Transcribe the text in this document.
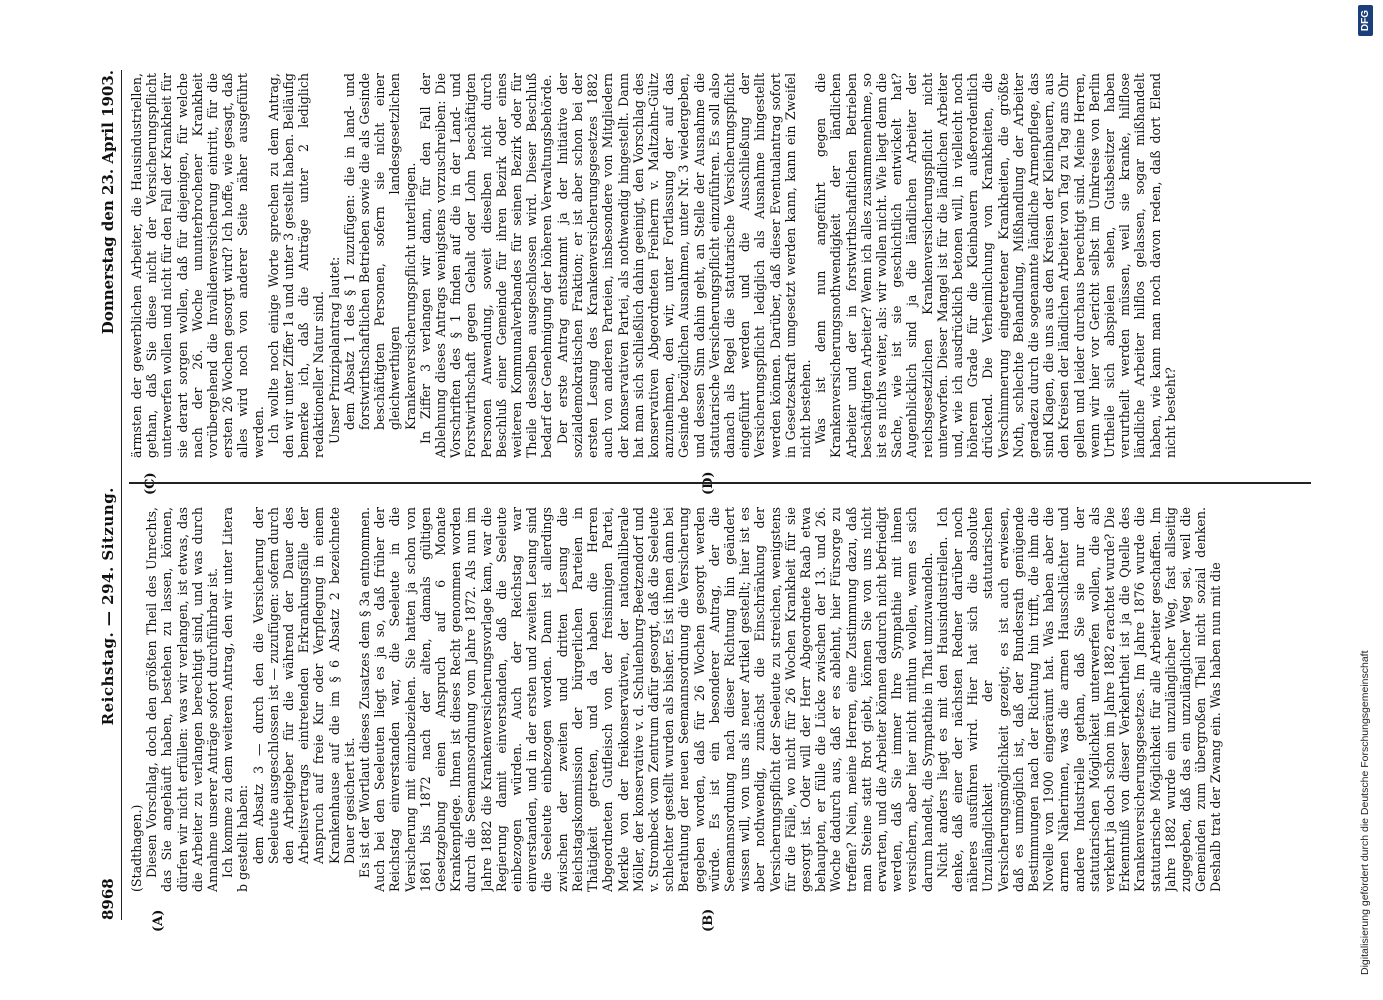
8968
Reichstag. — 294. Sitzung.
Donnerstag den 23. April 1903.
(A)	(B)
(C)	(D)

(Stadthagen.) Diesen Vorschlag, doch den größten Theil des Unrechts, das Sie angehäuft haben, bestehen zu lassen, können, dürfen wir nicht erfüllen: was wir verlangen, ist etwas, das die Arbeiter zu verlangen berechtigt sind, und was durch Annahme unserer Anträge sofort durchführbar ist. Ich komme zu dem weiteren Antrag, den wir unter Litera b gestellt haben: dem Absatz 3 — durch den die Versicherung der Seeleute ausgeschlossen ist — zuzufügen: sofern durch den Arbeitgeber für die während der Dauer des Arbeitsvertrags eintretenden Erkrankungsfälle der Anspruch auf freie Kur oder Verpflegung in einem Krankenhause auf die im § 6 Absatz 2 bezeichnete Dauer gesichert ist. Es ist der Wortlaut dieses Zusatzes dem § 3a entnommen. Auch bei den Seeleuten liegt es ja so, daß früher der Reichstag einverstanden war, die Seeleute in die Versicherung mit einzubeziehen. Sie hatten ja schon von 1861 bis 1872 nach der alten, damals gültigen Gesetzgebung einen Anspruch auf 6 Monate Krankenpflege. Ihnen ist dieses Recht genommen worden durch die Seemannsordnung vom Jahre 1872. Als nun im Jahre 1882 die Krankenversicherungsvorlage kam, war die Regierung damit einverstanden, daß die Seeleute einbezogen würden. Auch der Reichstag war einverstanden, und in der ersten und zweiten Lesung sind die Seeleute einbezogen worden. Dann ist allerdings zwischen der zweiten und dritten Lesung die Reichstagskommission der bürgerlichen Parteien in Thätigkeit getreten, und da haben die Herren Abgeordneten Gutfleisch von der freisinnigen Partei, Merkle von der freikonservativen, der nationalliberale Möller, der konservative v. d. Schulenburg-Beetzendorf und v. Strombeck vom Zentrum dafür gesorgt, daß die Seeleute schlechter gestellt wurden als bisher. Es ist ihnen dann bei Berathung der neuen Seemannsordnung die Versicherung gegeben worden, daß für 26 Wochen gesorgt werden würde. Es ist ein besonderer Antrag, der die Seemannsordnung nach dieser Richtung hin geändert wissen will, von uns als neuer Artikel gestellt; hier ist es aber nothwendig, zunächst die Einschränkung der Versicherungspflicht der Seeleute zu streichen, wenigstens für die Fälle, wo nicht für 26 Wochen Krankheit für sie gesorgt ist. Oder will der Herr Abgeordnete Raab etwa behaupten, er fülle die Lücke zwischen der 13. und 26. Woche dadurch aus, daß er es ablehnt, hier Fürsorge zu treffen? Nein, meine Herren, eine Zustimmung dazu, daß man Steine statt Brot giebt, können Sie von uns nicht erwarten, und die Arbeiter können dadurch nicht befriedigt werden, daß Sie immer Ihre Sympathie mit ihnen versichern, aber hier nicht mithun wollen, wenn es sich darum handelt, die Sympathie in That umzuwandeln. Nicht anders liegt es mit den Hausindustriellen. Ich denke, daß einer der nächsten Redner darüber noch näheres ausführen wird. Hier hat sich die absolute Unzulänglichkeit der statutarischen Versicherungsmöglichkeit gezeigt; es ist auch erwiesen, daß es unmöglich ist, daß der Bundesrath genügende Bestimmungen nach der Richtung hin trifft, die ihm die Novelle von 1900 eingeräumt hat. Was haben aber die armen Näherinnen, was die armen Hausschlächter und andere Industrielle gethan, daß Sie sie nur der statutarischen Möglichkeit unterwerfen wollen, die als verkehrt ja doch schon im Jahre 1882 erachtet wurde? Die Erkenntniß von dieser Verkehrtheit ist ja die Quelle des Krankenversicherungsgesetzes. Im Jahre 1876 wurde die statutarische Möglichkeit für alle Arbeiter geschaffen. Im Jahre 1882 wurde ein unzulänglicher Weg, fast allseitig zugegeben, daß das ein unzulänglicher Weg sei, weil die Gemeinden zum übergroßen Theil nicht sozial denken. Deshalb trat der Zwang ein. Was haben nun mit die

ärmsten der gewerblichen Arbeiter, die Hausindustriellen, gethan, daß Sie diese nicht der Versicherungspflicht unterwerfen wollen und nicht für den Fall der Krankheit für sie derart sorgen wollen, daß für diejenigen, für welche nach der 26. Woche ununterbrochener Krankheit vorübergehend die Invalidenversicherung eintritt, für die ersten 26 Wochen gesorgt wird? Ich hoffe, wie gesagt, daß alles wird noch von anderer Seite näher ausgeführt werden. Ich wollte noch einige Worte sprechen zu dem Antrag, den wir unter Ziffer 1a und unter 3 gestellt haben. Beiläufig bemerke ich, daß die Anträge unter 2 lediglich redaktioneller Natur sind. Unser Prinzipalantrag lautet: dem Absatz 1 des § 1 zuzufügen: die in land- und forstwirthschaftlichen Betrieben sowie die als Gesinde beschäftigten Personen, sofern sie nicht einer gleichwerthigen landesgesetzlichen Krankenversicherungspflicht unterliegen. In Ziffer 3 verlangen wir dann, für den Fall der Ablehnung dieses Antrags wenigstens vorzuschreiben: Die Vorschriften des § 1 finden auf die in der Land- und Forstwirthschaft gegen Gehalt oder Lohn beschäftigten Personen Anwendung, soweit dieselben nicht durch Beschluß einer Gemeinde für ihren Bezirk oder eines weiteren Kommunalverbandes für seinen Bezirk oder für Theile desselben ausgeschlossen wird. Dieser Beschluß bedarf der Genehmigung der höheren Verwaltungsbehörde. Der erste Antrag entstammt ja der Initiative der sozialdemokratischen Fraktion; er ist aber schon bei der ersten Lesung des Krankenversicherungsgesetzes 1882 auch von anderen Parteien, insbesondere von Mitgliedern der konservativen Partei, als nothwendig hingestellt. Dann hat man sich schließlich dahin geeinigt, den Vorschlag des konservativen Abgeordneten Freiherrn v. Maltzahn-Gültz anzunehmen, den wir, unter Fortlassung der auf das Gesinde bezüglichen Ausnahmen, unter Nr. 3 wiedergeben, und dessen Sinn dahin geht, an Stelle der Ausnahme die statutarische Versicherungspflicht einzuführen. Es soll also danach als Regel die statutarische Versicherungspflicht eingeführt werden und die Ausschließung der Versicherungspflicht lediglich als Ausnahme hingestellt werden können. Darüber, daß dieser Eventualantrag sofort in Gesetzeskraft umgesetzt werden kann, kann ein Zweifel nicht bestehen. Was ist denn nun angeführt gegen die Krankenversicherungsnothwendigkeit der ländlichen Arbeiter und der in forstwirthschaftlichen Betrieben beschäftigten Arbeiter? Wenn ich alles zusammennehme, so ist es nichts weiter, als: wir wollen nicht. Wie liegt denn die Sache, wie ist sie geschichtlich entwickelt hat? Augenblicklich sind ja die ländlichen Arbeiter der reichsgesetzlichen Krankenversicherungspflicht nicht unterworfen. Dieser Mangel ist für die ländlichen Arbeiter und, wie ich ausdrücklich betonen will, in vielleicht noch höherem Grade für die Kleinbauern außerordentlich drückend. Die Verheimlichung von Krankheiten, die Verschimmerung eingetretener Krankheiten, die größte Noth, schlechte Behandlung, Mißhandlung der Arbeiter geradezu durch die sogenannte ländliche Armenpflege, das sind Klagen, die uns aus den Kreisen der Kleinbauern, aus den Kreisen der ländlichen Arbeiter von Tag zu Tag ans Ohr gellen und leider durchaus berechtigt sind. Meine Herren, wenn wir hier vor Gericht selbst im Umkreise von Berlin Urtheile sich abspielen sehen, Gutsbesitzer haben verurtheilt werden müssen, weil sie kranke, hilflose ländliche Arbeiter hilflos gelassen, sogar mißhandelt haben, wie kann man noch davon reden, daß dort Elend nicht besteht?

Digitalisierung gefördert durch die Deutsche Forschungsgemeinschaft
DFG
